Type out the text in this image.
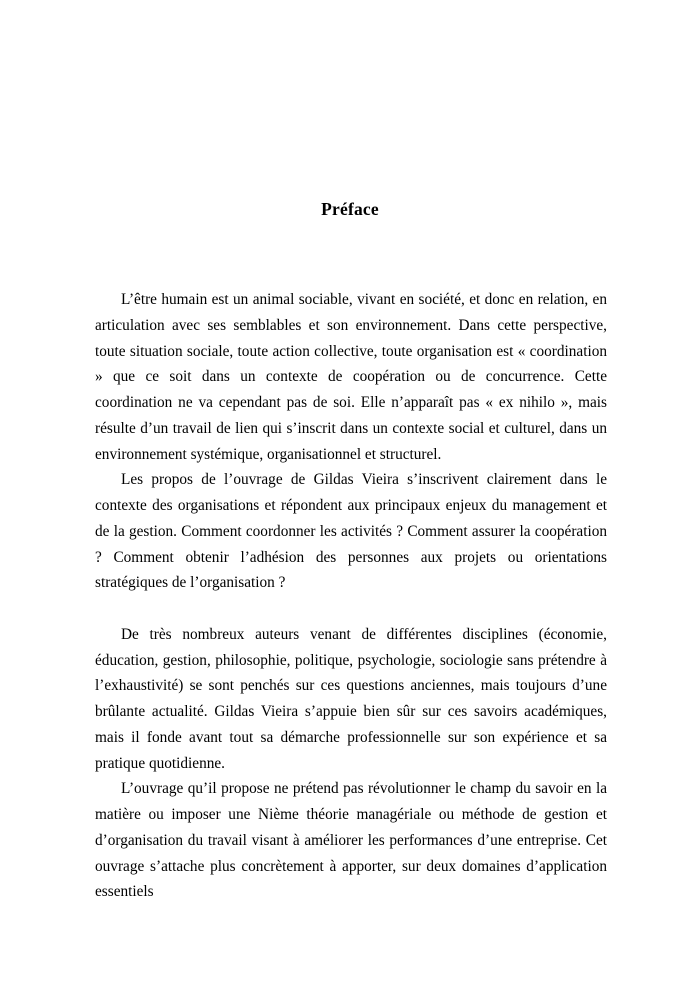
Préface

L’être humain est un animal sociable, vivant en société, et donc en relation, en articulation avec ses semblables et son environnement. Dans cette perspective, toute situation sociale, toute action collective, toute organisation est « coordination » que ce soit dans un contexte de coopération ou de concurrence. Cette coordination ne va cependant pas de soi. Elle n’apparaît pas « ex nihilo », mais résulte d’un travail de lien qui s’inscrit dans un contexte social et culturel, dans un environnement systémique, organisationnel et structurel.

Les propos de l’ouvrage de Gildas Vieira s’inscrivent clairement dans le contexte des organisations et répondent aux principaux enjeux du management et de la gestion. Comment coordonner les activités ? Comment assurer la coopération ? Comment obtenir l’adhésion des personnes aux projets ou orientations stratégiques de l’organisation ?

De très nombreux auteurs venant de différentes disciplines (économie, éducation, gestion, philosophie, politique, psychologie, sociologie sans prétendre à l’exhaustivité) se sont penchés sur ces questions anciennes, mais toujours d’une brûlante actualité. Gildas Vieira s’appuie bien sûr sur ces savoirs académiques, mais il fonde avant tout sa démarche professionnelle sur son expérience et sa pratique quotidienne.

L’ouvrage qu’il propose ne prétend pas révolutionner le champ du savoir en la matière ou imposer une Nième théorie managériale ou méthode de gestion et d’organisation du travail visant à améliorer les performances d’une entreprise. Cet ouvrage s’attache plus concrètement à apporter, sur deux domaines d’application essentiels
